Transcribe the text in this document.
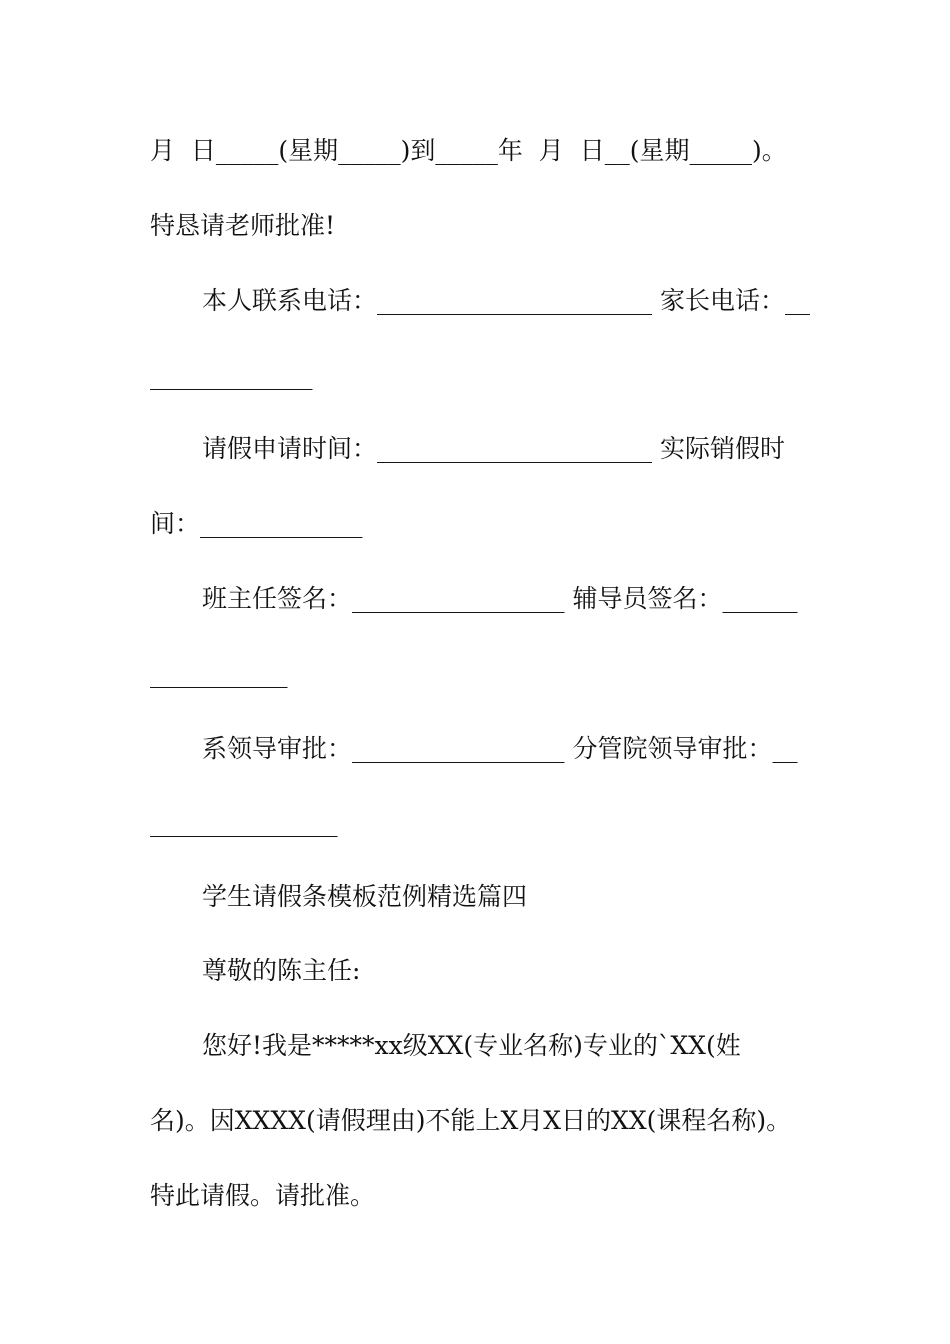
月  日_____(星期_____)到_____年  月  日__(星期_____)。
特恳请老师批准!
本人联系电话：______________________ 家长电话：__
_____________
请假申请时间：______________________ 实际销假时
间：_____________
班主任签名：_________________ 辅导员签名：______
___________
系领导审批：_________________ 分管院领导审批：__
_______________
学生请假条模板范例精选篇四
尊敬的陈主任:
您好!我是*****xx级XX(专业名称)专业的`XX(姓
名)。因XXXX(请假理由)不能上X月X日的XX(课程名称)。
特此请假。请批准。
